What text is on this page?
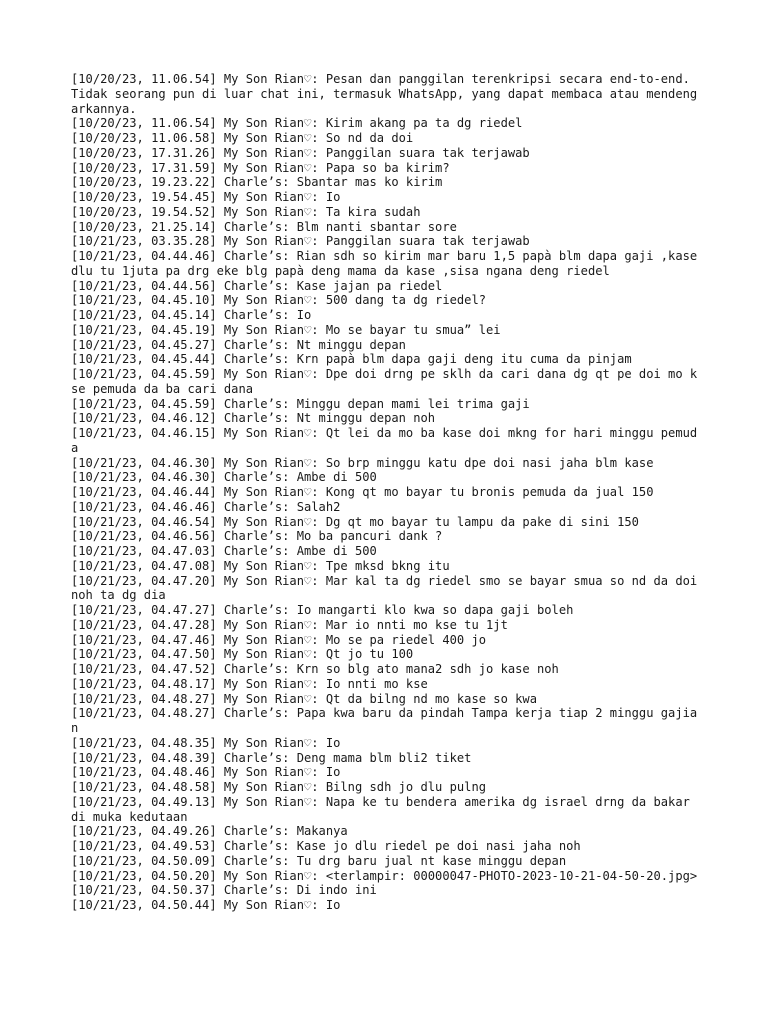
[10/20/23, 11.06.54] My Son Rian♡: Pesan dan panggilan terenkripsi secara end-to-end. Tidak seorang pun di luar chat ini, termasuk WhatsApp, yang dapat membaca atau mendengarkannya.
[10/20/23, 11.06.54] My Son Rian♡: Kirim akang pa ta dg riedel
[10/20/23, 11.06.58] My Son Rian♡: So nd da doi
[10/20/23, 17.31.26] My Son Rian♡: Panggilan suara tak terjawab
[10/20/23, 17.31.59] My Son Rian♡: Papa so ba kirim?
[10/20/23, 19.23.22] Charle’s: Sbantar mas ko kirim
[10/20/23, 19.54.45] My Son Rian♡: Io
[10/20/23, 19.54.52] My Son Rian♡: Ta kira sudah
[10/20/23, 21.25.14] Charle’s: Blm nanti sbantar sore
[10/21/23, 03.35.28] My Son Rian♡: Panggilan suara tak terjawab
[10/21/23, 04.44.46] Charle’s: Rian sdh so kirim mar baru 1,5 papà blm dapa gaji ,kase dlu tu 1juta pa drg eke blg papà deng mama da kase ,sisa ngana deng riedel
[10/21/23, 04.44.56] Charle’s: Kase jajan pa riedel
[10/21/23, 04.45.10] My Son Rian♡: 500 dang ta dg riedel?
[10/21/23, 04.45.14] Charle’s: Io
[10/21/23, 04.45.19] My Son Rian♡: Mo se bayar tu smua” lei
[10/21/23, 04.45.27] Charle’s: Nt minggu depan
[10/21/23, 04.45.44] Charle’s: Krn papà blm dapa gaji deng itu cuma da pinjam
[10/21/23, 04.45.59] My Son Rian♡: Dpe doi drng pe sklh da cari dana dg qt pe doi mo kse pemuda da ba cari dana
[10/21/23, 04.45.59] Charle’s: Minggu depan mami lei trima gaji
[10/21/23, 04.46.12] Charle’s: Nt minggu depan noh
[10/21/23, 04.46.15] My Son Rian♡: Qt lei da mo ba kase doi mkng for hari minggu pemuda
[10/21/23, 04.46.30] My Son Rian♡: So brp minggu katu dpe doi nasi jaha blm kase
[10/21/23, 04.46.30] Charle’s: Ambe di 500
[10/21/23, 04.46.44] My Son Rian♡: Kong qt mo bayar tu bronis pemuda da jual 150
[10/21/23, 04.46.46] Charle’s: Salah2
[10/21/23, 04.46.54] My Son Rian♡: Dg qt mo bayar tu lampu da pake di sini 150
[10/21/23, 04.46.56] Charle’s: Mo ba pancuri dank ?
[10/21/23, 04.47.03] Charle’s: Ambe di 500
[10/21/23, 04.47.08] My Son Rian♡: Tpe mksd bkng itu
[10/21/23, 04.47.20] My Son Rian♡: Mar kal ta dg riedel smo se bayar smua so nd da doi noh ta dg dia
[10/21/23, 04.47.27] Charle’s: Io mangarti klo kwa so dapa gaji boleh
[10/21/23, 04.47.28] My Son Rian♡: Mar io nnti mo kse tu 1jt
[10/21/23, 04.47.46] My Son Rian♡: Mo se pa riedel 400 jo
[10/21/23, 04.47.50] My Son Rian♡: Qt jo tu 100
[10/21/23, 04.47.52] Charle’s: Krn so blg ato mana2 sdh jo kase noh
[10/21/23, 04.48.17] My Son Rian♡: Io nnti mo kse
[10/21/23, 04.48.27] My Son Rian♡: Qt da bilng nd mo kase so kwa
[10/21/23, 04.48.27] Charle’s: Papa kwa baru da pindah Tampa kerja tiap 2 minggu gajian
[10/21/23, 04.48.35] My Son Rian♡: Io
[10/21/23, 04.48.39] Charle’s: Deng mama blm bli2 tiket
[10/21/23, 04.48.46] My Son Rian♡: Io
[10/21/23, 04.48.58] My Son Rian♡: Bilng sdh jo dlu pulng
[10/21/23, 04.49.13] My Son Rian♡: Napa ke tu bendera amerika dg israel drng da bakar di muka kedutaan
[10/21/23, 04.49.26] Charle’s: Makanya
[10/21/23, 04.49.53] Charle’s: Kase jo dlu riedel pe doi nasi jaha noh
[10/21/23, 04.50.09] Charle’s: Tu drg baru jual nt kase minggu depan
[10/21/23, 04.50.20] My Son Rian♡: <terlampir: 00000047-PHOTO-2023-10-21-04-50-20.jpg>
[10/21/23, 04.50.37] Charle’s: Di indo ini
[10/21/23, 04.50.44] My Son Rian♡: Io
